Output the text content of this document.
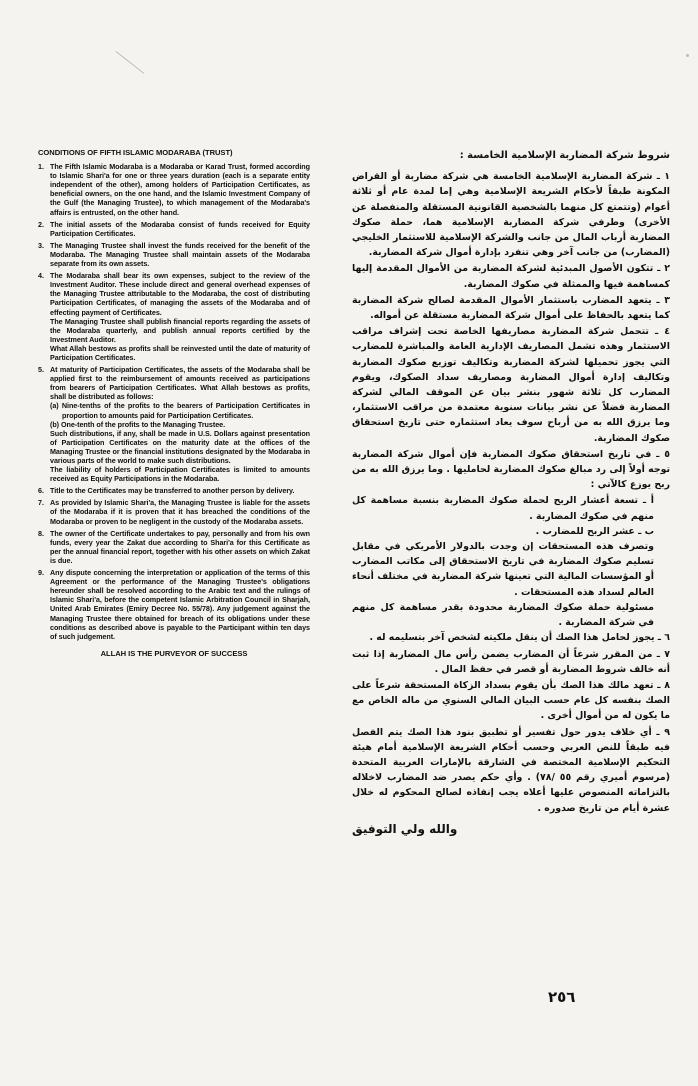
CONDITIONS OF FIFTH ISLAMIC MODARABA (TRUST)
1. The Fifth Islamic Modaraba is a Modaraba or Karad Trust, formed according to Islamic Shari'a for one or three years duration (each is a separate entity independent of the other), among holders of Participation Certificates, as beneficial owners, on the one hand, and the Islamic Investment Company of the Gulf (the Managing Trustee), to which management of the Modaraba's affairs is entrusted, on the other hand.

2. The initial assets of the Modaraba consist of funds received for Equity Participation Certificates.

3. The Managing Trustee shall invest the funds received for the benefit of the Modaraba. The Managing Trustee shall maintain assets of the Modaraba separate from its own assets.

4. The Modaraba shall bear its own expenses, subject to the review of the Investment Auditor. These include direct and general overhead expenses of the Managing Trustee attributable to the Modaraba, the cost of distributing Participation Certificates, of managing the assets of the Modaraba and of effecting payment of Certificates.

The Managing Trustee shall publish financial reports regarding the assets of the Modaraba quarterly, and publish annual reports certified by the Investment Auditor.

What Allah bestows as profits shall be reinvested until the date of maturity of Participation Certificates.

5. At maturity of Participation Certificates, the assets of the Modaraba shall be applied first to the reimbursement of amounts received as participations from bearers of Participation Certificates. What Allah bestows as profits, shall be distributed as follows:

(a) Nine-tenths of the profits to the bearers of Participation Certificates in proportion to amounts paid for Participation Certificates.

(b) One-tenth of the profits to the Managing Trustee.

Such distributions, if any, shall be made in U.S. Dollars against presentation of Participation Certificates on the maturity date at the offices of the Managing Trustee or the financial institutions designated by the Modaraba in various parts of the world to make such distributions.

The liability of holders of Participation Certificates is limited to amounts received as Equity Participations in the Modaraba.

6. Title to the Certificates may be transferred to another person by delivery.

7. As provided by Islamic Shari'a, the Managing Trustee is liable for the assets of the Modaraba if it is proven that it has breached the conditions of the Modaraba or proven to be negligent in the custody of the Modaraba assets.

8. The owner of the Certificate undertakes to pay, personally and from his own funds, every year the Zakat due according to Shari'a for this Certificate as per the annual financial report, together with his other assets on which Zakat is due.

9. Any dispute concerning the interpretation or application of the terms of this Agreement or the performance of the Managing Trustee's obligations hereunder shall be resolved according to the Arabic text and the rulings of Islamic Shari'a, before the competent Islamic Arbitration Council in Sharjah, United Arab Emirates (Emiry Decree No. 55/78). Any judgement against the Managing Trustee there obtained for breach of its obligations under these conditions as described above is payable to the Participant within ten days of such judgement.

ALLAH IS THE PURVEYOR OF SUCCESS
شروط شركة المضاربة الإسلامية الخامسة :

١ ـ شركة المضاربة الإسلامية الخامسة هي شركة مضاربة أو القراض المكونة طبقاً لأحكام الشريعة الإسلامية وهي إما لمدة عام أو ثلاثة أعوام (وتتمتع كل منهما بالشخصية القانونية المستقلة والمنفصلة عن الأخرى) وطرفي شركة المضاربة الإسلامية هما، حملة صكوك المضاربة أرباب المال من جانب والشركة الإسلامية للاستثمار الخليجي (المضارب) من جانب آخر وهي تنفرد بإدارة أموال شركة المضاربة.

٢ ـ تتكون الأصول المبدئية لشركة المضاربة من الأموال المقدمة إليها كمساهمة فيها والممثلة في صكوك المضاربة.

٣ ـ يتعهد المضارب باستثمار الأموال المقدمة لصالح شركة المضاربة كما يتعهد بالحفاظ على أموال شركة المضاربة مستقلة عن أمواله.

٤ ـ تتحمل شركة المضاربة مصاريفها الخاصة تحت إشراف مراقب الاستثمار وهذه تشمل المصاريف الإدارية العامة والمباشرة للمضارب التي يجوز تحميلها لشركة المضاربة وتكاليف توزيع صكوك المضاربة وتكاليف إدارة أموال المضاربة ومصاريف سداد الصكوك، ويقوم المضارب كل ثلاثة شهور بنشر بيان عن الموقف المالي لشركة المضاربة فضلاً عن نشر بيانات سنوية معتمدة من مراقب الاستثمار، وما يرزق الله به من أرباح سوف يعاد استثماره حتى تاريخ استحقاق صكوك المضاربة.

٥ ـ في تاريخ استحقاق صكوك المضاربة فإن أموال شركة المضاربة توجه أولاً إلى رد مبالغ صكوك المضاربة لحامليها . وما يرزق الله به من ربح يوزع كالآتي :

أ ـ تسعة أعشار الربح لحملة صكوك المضاربة بنسبة مساهمة كل منهم في صكوك المضاربة .

ب ـ عشر الربح للمضارب .

وتصرف هذه المستحقات إن وجدت بالدولار الأمريكي في مقابل تسليم صكوك المضاربة في تاريخ الاستحقاق إلى مكاتب المضارب أو المؤسسات المالية التي تعينها شركة المضاربة في مختلف أنحاء العالم لسداد هذه المستحقات .

مسئولية حملة صكوك المضاربة محدودة بقدر مساهمة كل منهم في شركة المضاربة .

٦ ـ يجوز لحامل هذا الصك أن ينقل ملكيته لشخص آخر بتسليمه له .

٧ ـ من المقرر شرعاً أن المضارب يضمن رأس مال المضاربة إذا ثبت أنه خالف شروط المضاربة أو قصر في حفظ المال .

٨ ـ تعهد مالك هذا الصك بأن يقوم بسداد الزكاة المستحقة شرعاً على الصك بنفسه كل عام حسب البيان المالي السنوي من ماله الخاص مع ما يكون له من أموال أخرى .

٩ ـ أي خلاف يدور حول تفسير أو تطبيق بنود هذا الصك يتم الفصل فيه طبقاً للنص العربي وحسب أحكام الشريعة الإسلامية أمام هيئة التحكيم الإسلامية المختصة في الشارقة بالإمارات العربية المتحدة (مرسوم أميري رقم ٥٥ /٧٨) . وأي حكم يصدر ضد المضارب لاخلاله بالتزاماته المنصوص عليها أعلاه يجب إنفاذه لصالح المحكوم له خلال عشرة أيام من تاريخ صدوره .

والله ولي التوفيق
٢٥٦
